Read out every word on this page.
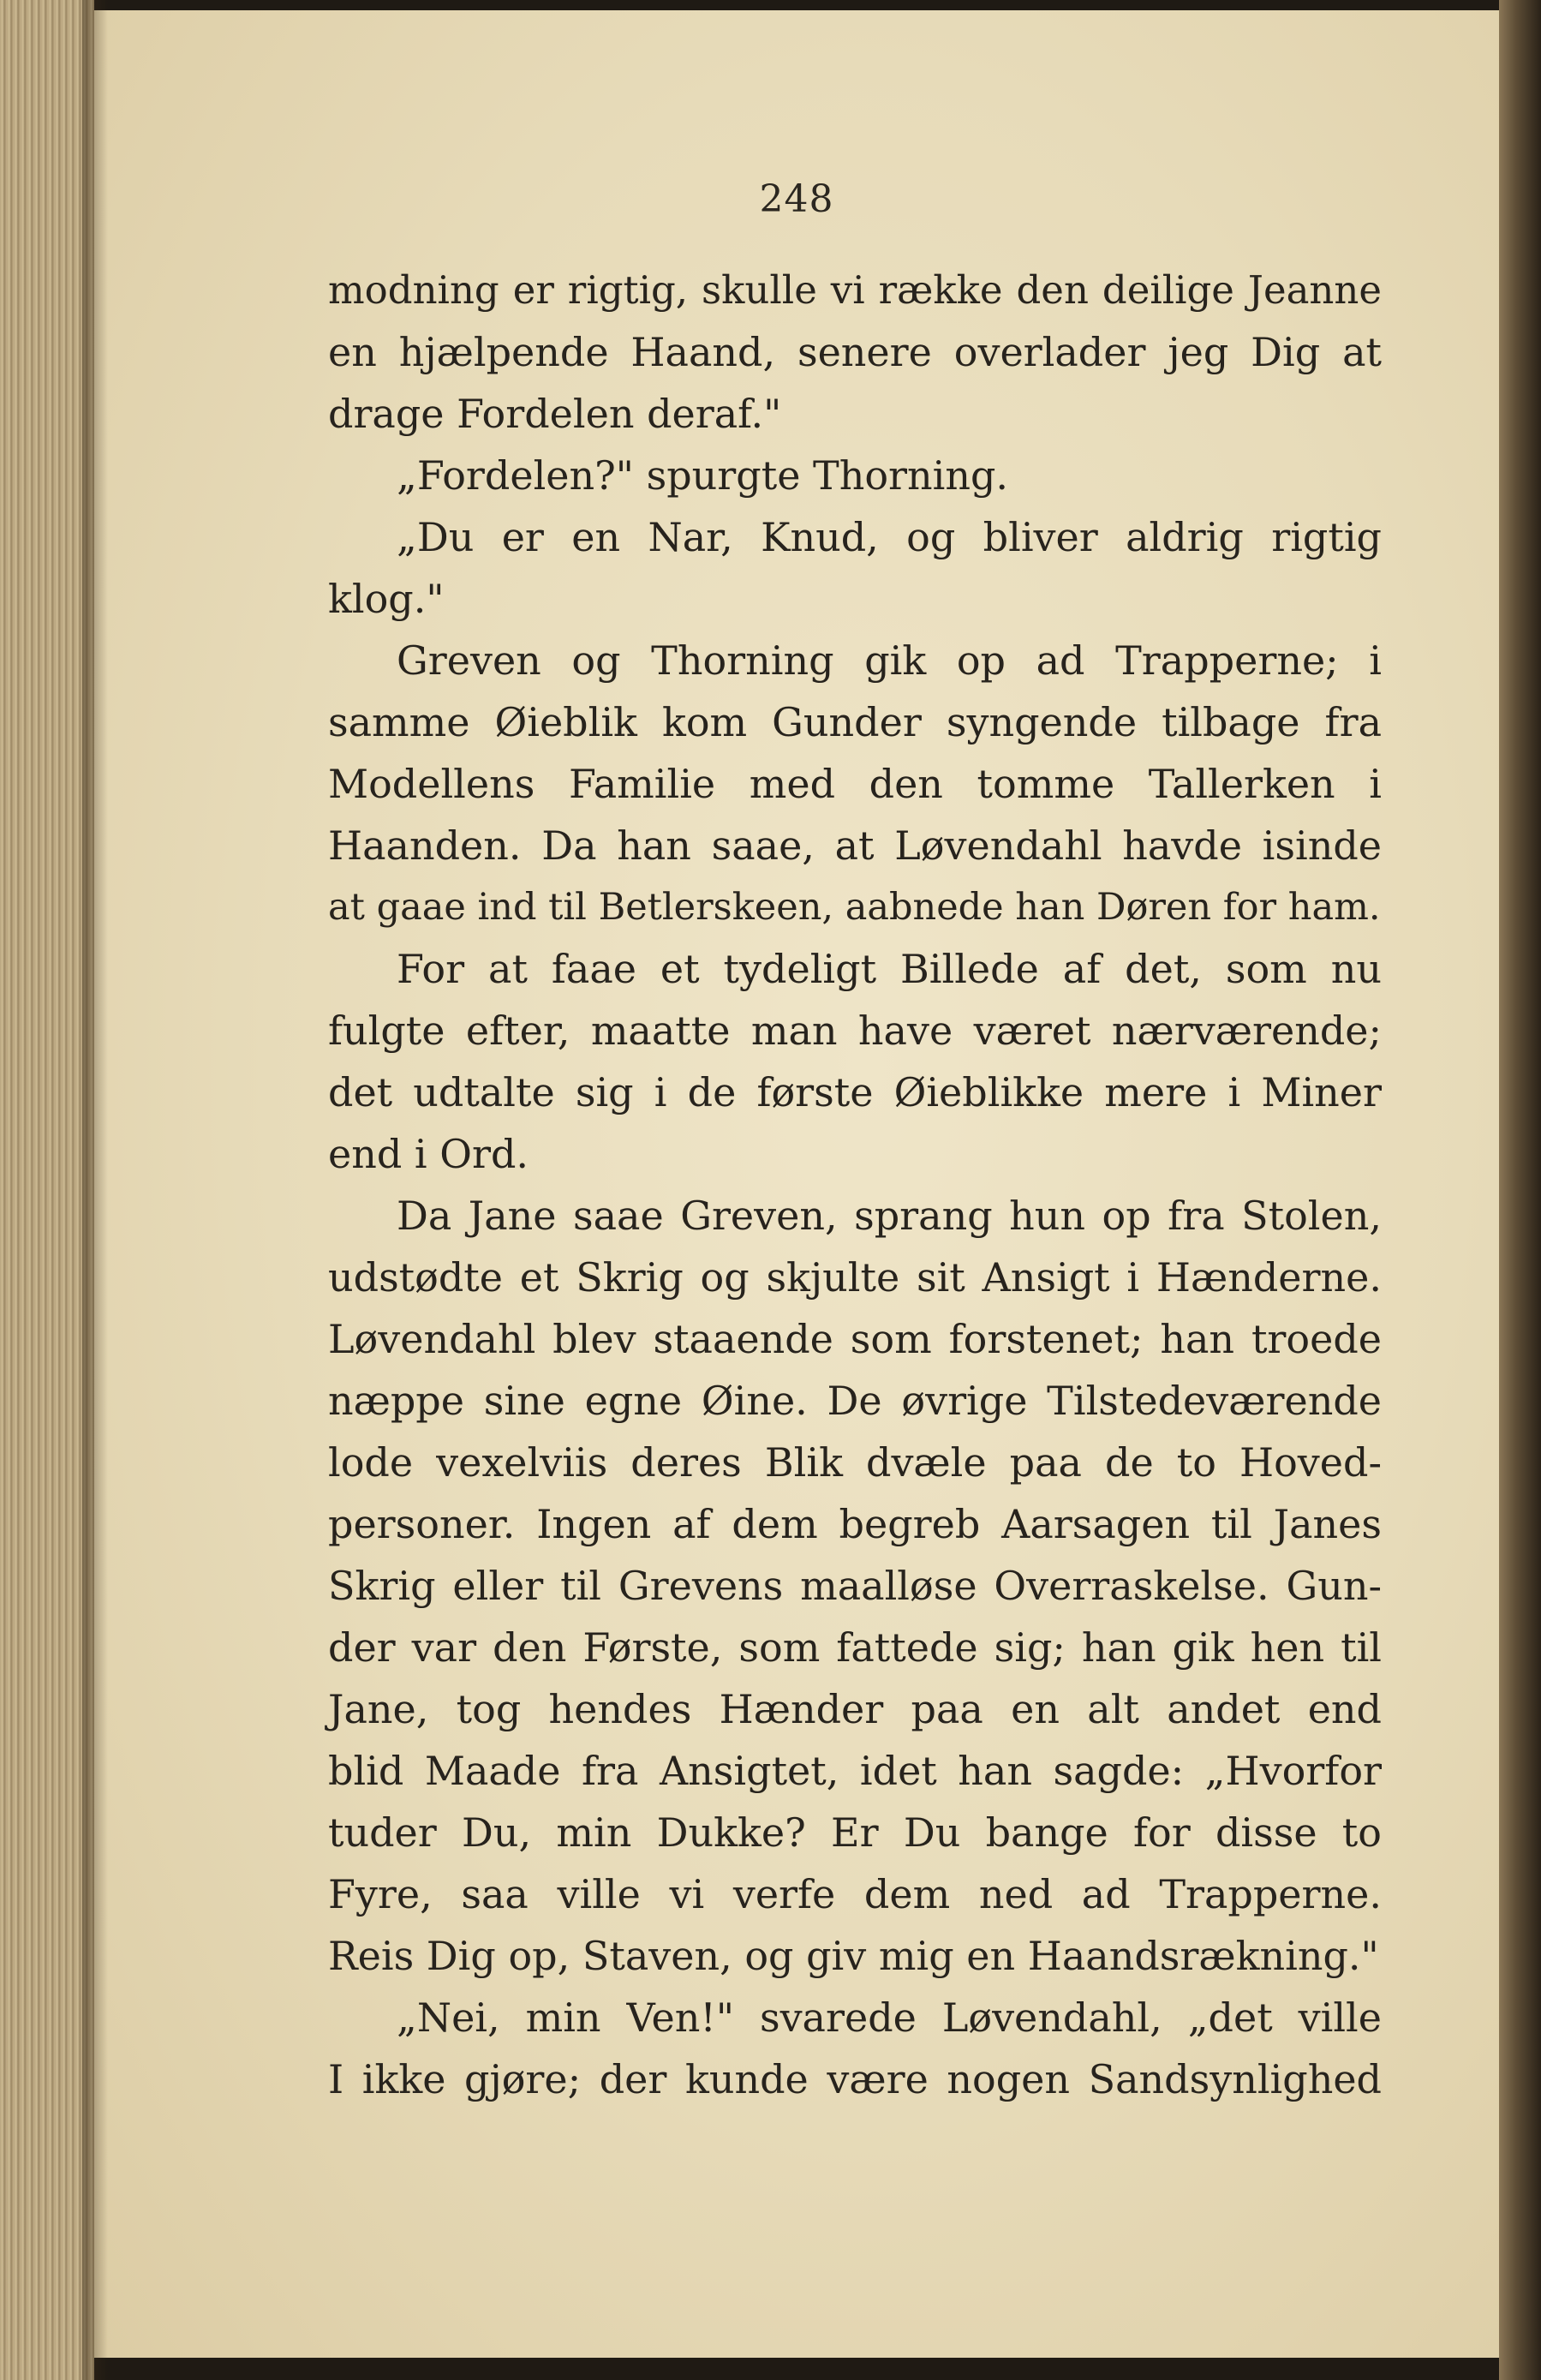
248
modning er rigtig, skulle vi række den deilige Jeanne
en hjælpende Haand, senere overlader jeg Dig at
drage Fordelen deraf."
„Fordelen?" spurgte Thorning.
„Du er en Nar, Knud, og bliver aldrig rigtig
klog."
Greven og Thorning gik op ad Trapperne; i
samme Øieblik kom Gunder syngende tilbage fra
Modellens Familie med den tomme Tallerken i
Haanden. Da han saae, at Løvendahl havde isinde
at gaae ind til Betlerskeen, aabnede han Døren for ham.
For at faae et tydeligt Billede af det, som nu
fulgte efter, maatte man have været nærværende;
det udtalte sig i de første Øieblikke mere i Miner
end i Ord.
Da Jane saae Greven, sprang hun op fra Stolen,
udstødte et Skrig og skjulte sit Ansigt i Hænderne.
Løvendahl blev staaende som forstenet; han troede
næppe sine egne Øine. De øvrige Tilstedeværende
lode vexelviis deres Blik dvæle paa de to Hoved-
personer. Ingen af dem begreb Aarsagen til Janes
Skrig eller til Grevens maalløse Overraskelse. Gun-
der var den Første, som fattede sig; han gik hen til
Jane, tog hendes Hænder paa en alt andet end
blid Maade fra Ansigtet, idet han sagde: „Hvorfor
tuder Du, min Dukke? Er Du bange for disse to
Fyre, saa ville vi verfe dem ned ad Trapperne.
Reis Dig op, Staven, og giv mig en Haandsrækning."
„Nei, min Ven!" svarede Løvendahl, „det ville
I ikke gjøre; der kunde være nogen Sandsynlighed
